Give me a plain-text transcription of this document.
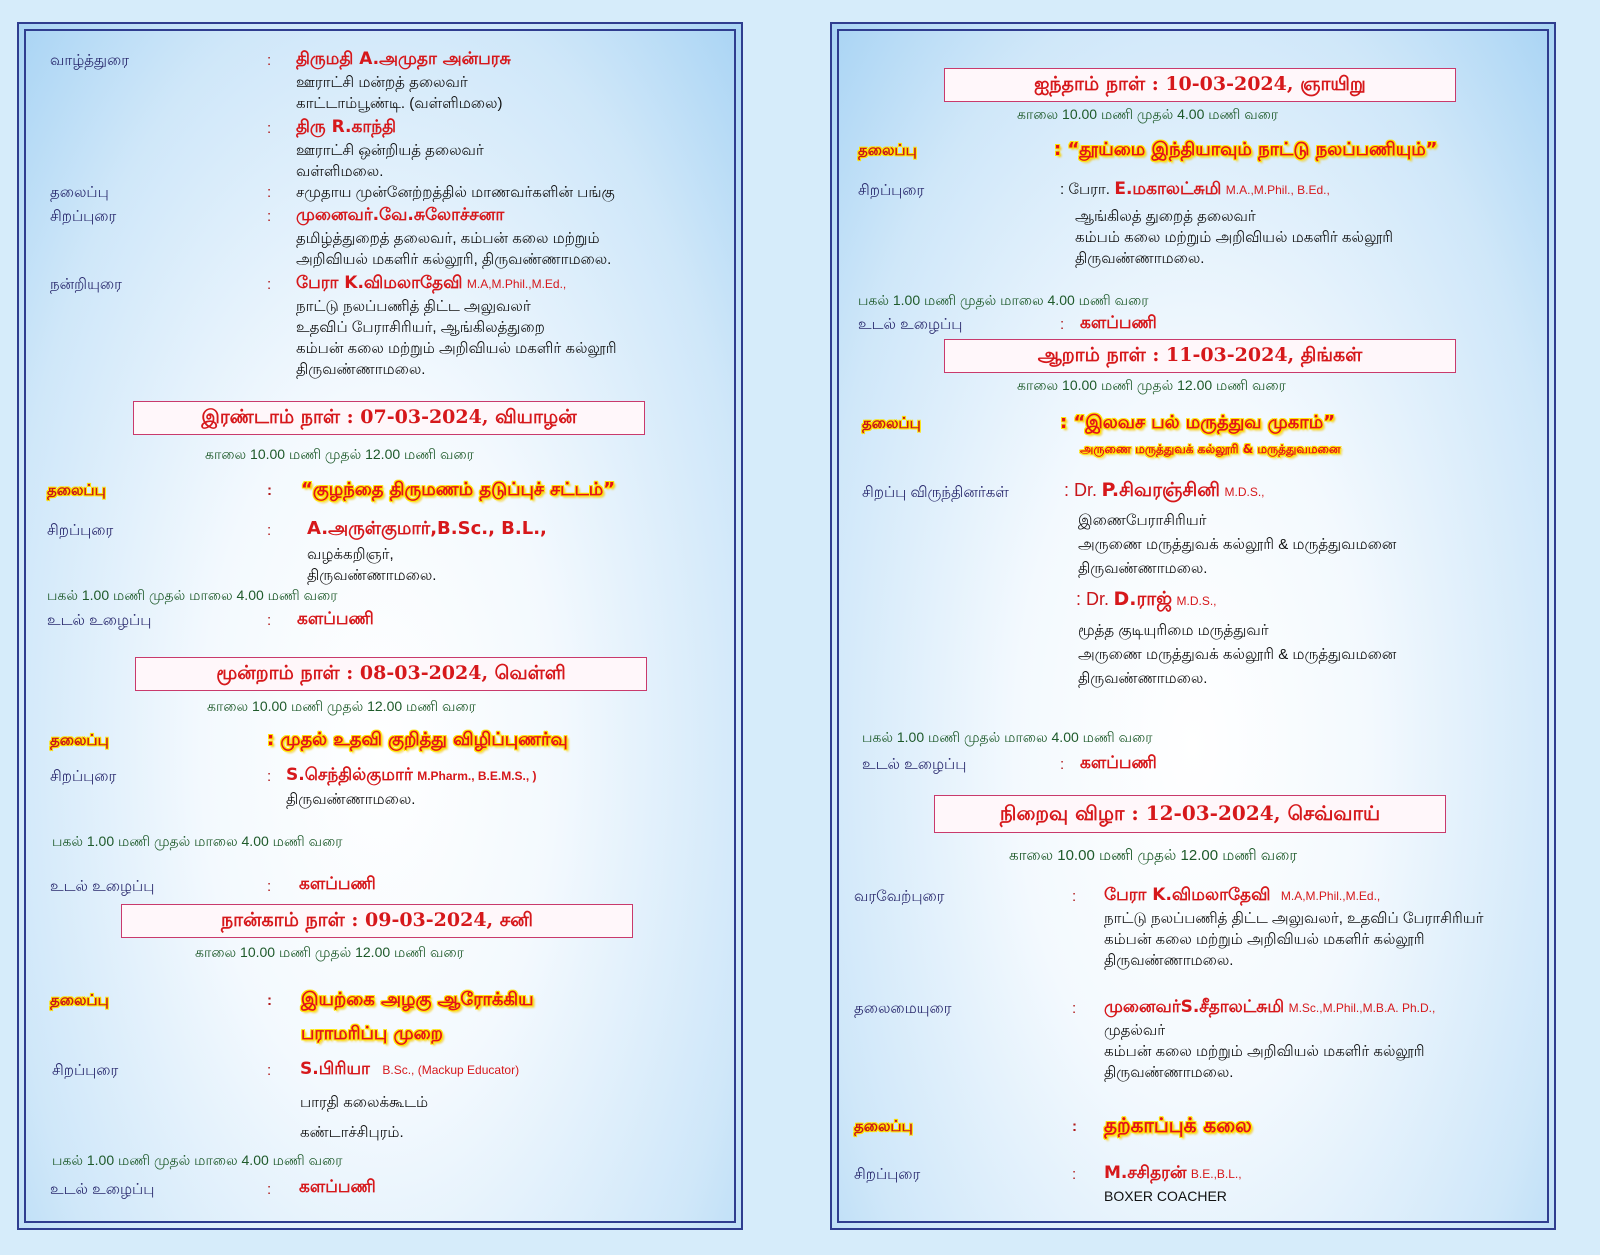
வாழ்த்துரை	: திருமதி A.அமுதா அன்பரசு
ஊராட்சி மன்றத் தலைவர்
காட்டாம்பூண்டி. (வள்ளிமலை)
: திரு R.காந்தி
ஊராட்சி ஒன்றியத் தலைவர்
வள்ளிமலை.
தலைப்பு	: சமுதாய முன்னேற்றத்தில் மாணவர்களின் பங்கு
சிறப்புரை	: முனைவர்.வே.சுலோச்சனா
தமிழ்த்துறைத் தலைவர், கம்பன் கலை மற்றும்
அறிவியல் மகளிர் கல்லூரி, திருவண்ணாமலை.
நன்றியுரை	: பேரா K.விமலாதேவி M.A,M.Phil.,M.Ed.,
நாட்டு நலப்பணித் திட்ட அலுவலர்
உதவிப் பேராசிரியர், ஆங்கிலத்துறை
கம்பன் கலை மற்றும் அறிவியல் மகளிர் கல்லூரி
திருவண்ணாமலை.
இரண்டாம் நாள் : 07-03-2024, வியாழன்
காலை 10.00 மணி முதல் 12.00 மணி வரை
தலைப்பு	: “குழந்தை திருமணம் தடுப்புச் சட்டம்”
சிறப்புரை	: A.அருள்குமார்,B.Sc., B.L.,
வழக்கறிஞர்,
திருவண்ணாமலை.
பகல் 1.00 மணி முதல் மாலை 4.00 மணி வரை
உடல் உழைப்பு	: களப்பணி
மூன்றாம் நாள் : 08-03-2024, வெள்ளி
காலை 10.00 மணி முதல் 12.00 மணி வரை
தலைப்பு	: முதல் உதவி குறித்து விழிப்புணர்வு
சிறப்புரை	: S.செந்தில்குமார் M.Pharm., B.E.M.S., )
திருவண்ணாமலை.
பகல் 1.00 மணி முதல் மாலை 4.00 மணி வரை
உடல் உழைப்பு	: களப்பணி
நான்காம் நாள் : 09-03-2024, சனி
காலை 10.00 மணி முதல் 12.00 மணி வரை
தலைப்பு	: இயற்கை அழகு ஆரோக்கிய
பராமரிப்பு முறை
சிறப்புரை	: S.பிரியா B.Sc., (Mackup Educator)
பாரதி கலைக்கூடம்
கண்டாச்சிபுரம்.
பகல் 1.00 மணி முதல் மாலை 4.00 மணி வரை
உடல் உழைப்பு	: களப்பணி
ஐந்தாம் நாள் : 10-03-2024, ஞாயிறு
காலை 10.00 மணி முதல் 4.00 மணி வரை
தலைப்பு	: “தூய்மை இந்தியாவும் நாட்டு நலப்பணியும்”
சிறப்புரை	: பேரா. E.மகாலட்சுமி M.A.,M.Phil., B.Ed.,
ஆங்கிலத் துறைத் தலைவர்
கம்பம் கலை மற்றும் அறிவியல் மகளிர் கல்லூரி
திருவண்ணாமலை.
பகல் 1.00 மணி முதல் மாலை 4.00 மணி வரை
உடல் உழைப்பு	: களப்பணி
ஆறாம் நாள் : 11-03-2024, திங்கள்
காலை 10.00 மணி முதல் 12.00 மணி வரை
தலைப்பு	: “இலவச பல் மருத்துவ முகாம்”
அருணை மருத்துவக் கல்லூரி & மருத்துவமனை
சிறப்பு விருந்தினர்கள்	: Dr. P.சிவரஞ்சினி M.D.S.,
இணைபேராசிரியர்
அருணை மருத்துவக் கல்லூரி & மருத்துவமனை
திருவண்ணாமலை.
: Dr. D.ராஜ் M.D.S.,
மூத்த குடியுரிமை மருத்துவர்
அருணை மருத்துவக் கல்லூரி & மருத்துவமனை
திருவண்ணாமலை.
பகல் 1.00 மணி முதல் மாலை 4.00 மணி வரை
உடல் உழைப்பு	: களப்பணி
நிறைவு விழா : 12-03-2024, செவ்வாய்
காலை 10.00 மணி முதல் 12.00 மணி வரை
வரவேற்புரை	: பேரா K.விமலாதேவி M.A,M.Phil.,M.Ed.,
நாட்டு நலப்பணித் திட்ட அலுவலர், உதவிப் பேராசிரியர்
கம்பன் கலை மற்றும் அறிவியல் மகளிர் கல்லூரி
திருவண்ணாமலை.
தலைமையுரை	: முனைவர்S.சீதாலட்சுமி M.Sc.,M.Phil.,M.B.A. Ph.D.,
முதல்வர்
கம்பன் கலை மற்றும் அறிவியல் மகளிர் கல்லூரி
திருவண்ணாமலை.
தலைப்பு	: தற்காப்புக் கலை
சிறப்புரை	: M.சசிதரன் B.E.,B.L.,
BOXER COACHER
